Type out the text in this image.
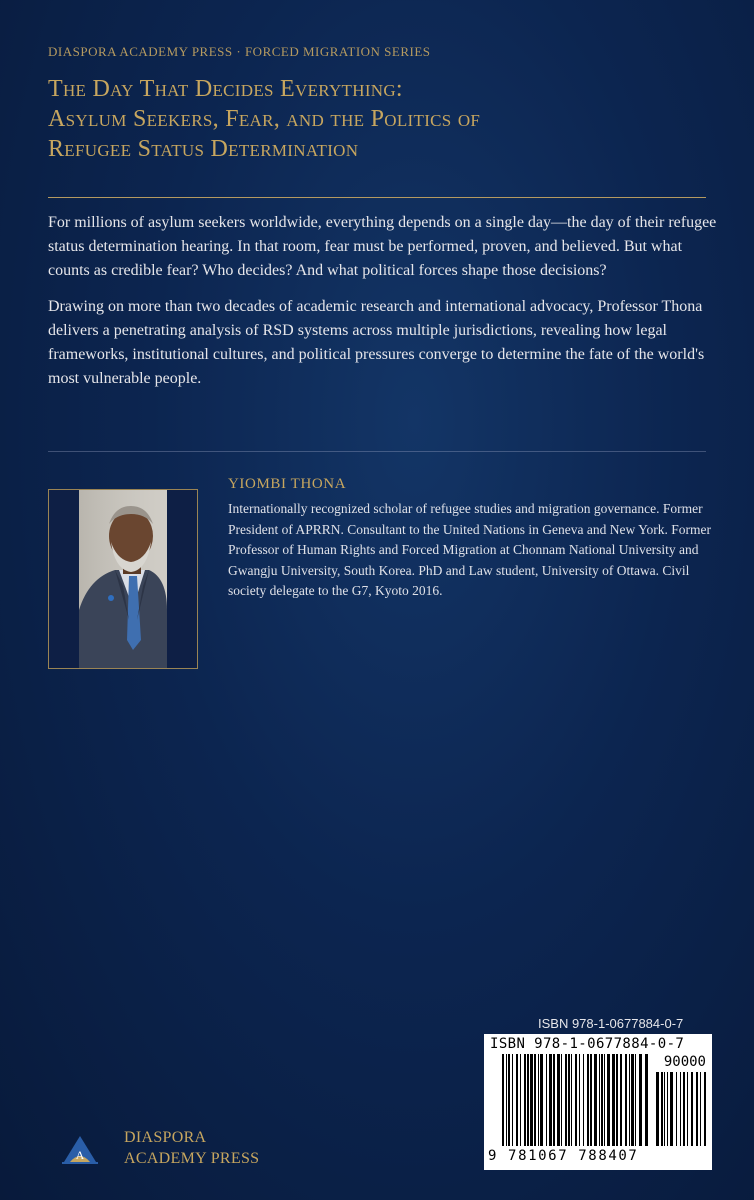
DIASPORA ACADEMY PRESS · FORCED MIGRATION SERIES
The Day That Decides Everything:
Asylum Seekers, Fear, and the Politics of
Refugee Status Determination

For millions of asylum seekers worldwide, everything depends on a single day—the day of their refugee status determination hearing. In that room, fear must be performed, proven, and believed. But what counts as credible fear? Who decides? And what political forces shape those decisions?

Drawing on more than two decades of academic research and international advocacy, Professor Thona delivers a penetrating analysis of RSD systems across multiple jurisdictions, revealing how legal frameworks, institutional cultures, and political pressures converge to determine the fate of the world's most vulnerable people.

YIOMBI THONA
Internationally recognized scholar of refugee studies and migration governance. Former President of APRRN. Consultant to the United Nations in Geneva and New York. Former Professor of Human Rights and Forced Migration at Chonnam National University and Gwangju University, South Korea. PhD and Law student, University of Ottawa. Civil society delegate to the G7, Kyoto 2016.
ISBN 978-1-0677884-0-7
ISBN 978-1-0677884-0-7
90000
9 781067 788407
A
DIASPORA
ACADEMY PRESS
